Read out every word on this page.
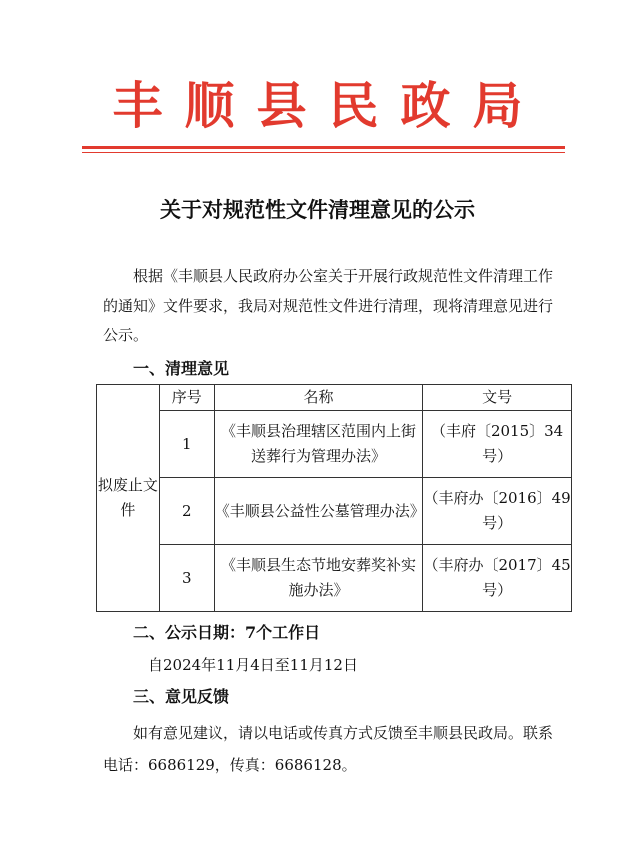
丰顺县民政局
关于对规范性文件清理意见的公示
根据《丰顺县人民政府办公室关于开展行政规范性文件清理工作的通知》文件要求，我局对规范性文件进行清理，现将清理意见进行公示。
一、清理意见
拟废止文件	序号	名称	文号
	1	《丰顺县治理辖区范围内上街送葬行为管理办法》	（丰府〔2015〕34号）
	2	《丰顺县公益性公墓管理办法》	（丰府办〔2016〕49号）
	3	《丰顺县生态节地安葬奖补实施办法》	（丰府办〔2017〕45号）
二、公示日期：7个工作日
自2024年11月4日至11月12日
三、意见反馈
如有意见建议，请以电话或传真方式反馈至丰顺县民政局。联系电话：6686129，传真：6686128。
